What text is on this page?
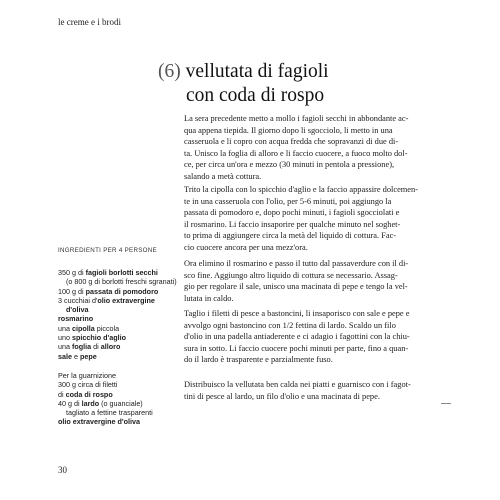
le creme e i brodi
(6) vellutata di fagioli
con coda di rospo
La sera precedente metto a mollo i fagioli secchi in abbondante ac-
qua appena tiepida. Il giorno dopo li sgocciolo, li metto in una
casseruola e li copro con acqua fredda che sopravanzi di due di-
ta. Unisco la foglia di alloro e li faccio cuocere, a fuoco molto dol-
ce, per circa un'ora e mezzo (30 minuti in pentola a pressione),
salando a metà cottura.
Trito la cipolla con lo spicchio d'aglio e la faccio appassire dolcemen-
te in una casseruola con l'olio, per 5-6 minuti, poi aggiungo la
passata di pomodoro e, dopo pochi minuti, i fagioli sgocciolati e
il rosmarino. Li faccio insaporire per qualche minuto nel soghet-
to prima di aggiungere circa la metà del liquido di cottura. Fac-
cio cuocere ancora per una mezz'ora.
Ora elimino il rosmarino e passo il tutto dal passaverdure con il di-
sco fine. Aggiungo altro liquido di cottura se necessario. Assag-
gio per regolare il sale, unisco una macinata di pepe e tengo la vel-
lutata in caldo.
Taglio i filetti di pesce a bastoncini, li insaporisco con sale e pepe e
avvolgo ogni bastoncino con 1/2 fettina di lardo. Scaldo un filo
d'olio in una padella antiaderente e ci adagio i fagottini con la chiu-
sura in sotto. Li faccio cuocere pochi minuti per parte, fino a quan-
do il lardo è trasparente e parzialmente fuso.
Distribuisco la vellutata ben calda nei piatti e guarnisco con i fagot-
tini di pesce al lardo, un filo d'olio e una macinata di pepe.
INGREDIENTI PER 4 PERSONE
350 g di fagioli borlotti secchi
(o 800 g di borlotti freschi sgranati)
100 g di passata di pomodoro
3 cucchiai d'olio extravergine
d'oliva
rosmarino
una cipolla piccola
uno spicchio d'aglio
una foglia di alloro
sale e pepe
Per la guarnizione
300 g circa di filetti
di coda di rospo
40 g di lardo (o guanciale)
tagliato a fettine trasparenti
olio extravergine d'oliva
30
